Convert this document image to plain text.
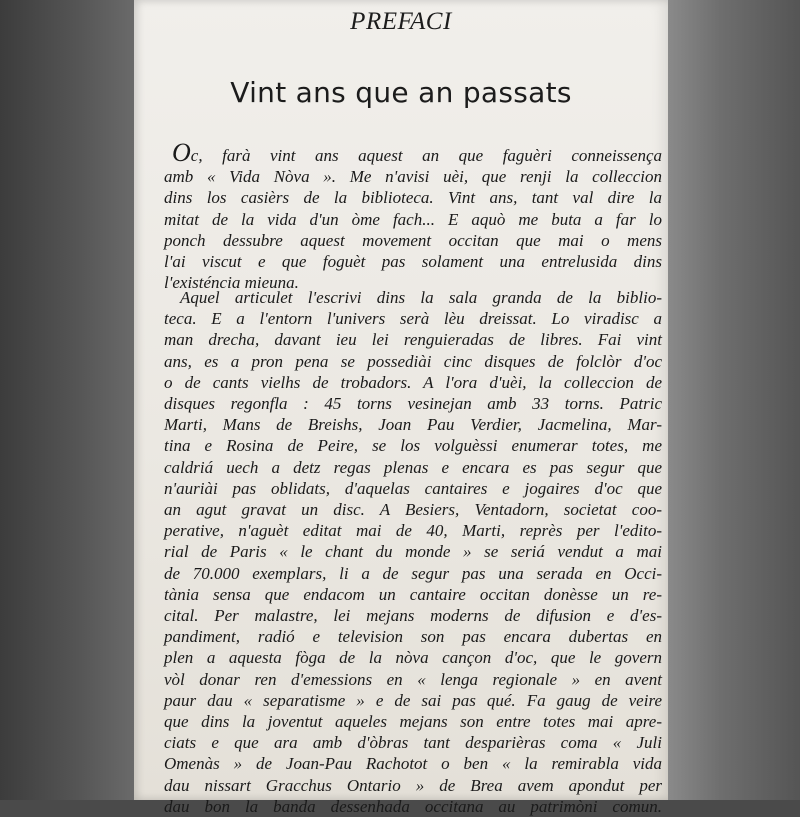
PREFACI
Vint ans que an passats
Oc, farà vint ans aquest an que faguèri conneissença
amb « Vida Nòva ». Me n'avisi uèi, que renji la colleccion
dins los casièrs de la biblioteca. Vint ans, tant val dire la
mitat de la vida d'un òme fach... E aquò me buta a far lo
ponch dessubre aquest movement occitan que mai o mens
l'ai viscut e que foguèt pas solament una entrelusida dins
l'existéncia mieuna.
Aquel articulet l'escrivi dins la sala granda de la biblio-
teca. E a l'entorn l'univers serà lèu dreissat. Lo viradisc a
man drecha, davant ieu lei renguieradas de libres. Fai vint
ans, es a pron pena se possediài cinc disques de folclòr d'oc
o de cants vielhs de trobadors. A l'ora d'uèi, la colleccion de
disques regonfla : 45 torns vesinejan amb 33 torns. Patric
Marti, Mans de Breishs, Joan Pau Verdier, Jacmelina, Mar-
tina e Rosina de Peire, se los volguèssi enumerar totes, me
caldriá uech a detz regas plenas e encara es pas segur que
n'auriài pas oblidats, d'aquelas cantaires e jogaires d'oc que
an agut gravat un disc. A Besiers, Ventadorn, societat coo-
perative, n'aguèt editat mai de 40, Marti, reprès per l'edito-
rial de Paris « le chant du monde » se seriá vendut a mai
de 70.000 exemplars, li a de segur pas una serada en Occi-
tània sensa que endacom un cantaire occitan donèsse un re-
cital. Per malastre, lei mejans moderns de difusion e d'es-
pandiment, radió e television son pas encara dubertas en
plen a aquesta fòga de la nòva cançon d'oc, que le govern
vòl donar ren d'emessions en « lenga regionale » en avent
paur dau « separatisme » e de sai pas qué. Fa gaug de veire
que dins la joventut aqueles mejans son entre totes mai apre-
ciats e que ara amb d'òbras tant desparièras coma « Juli
Omenàs » de Joan-Pau Rachotot o ben « la remirabla vida
dau nissart Gracchus Ontario » de Brea avem apondut per
dau bon la banda dessenhada occitana au patrimòni comun.
